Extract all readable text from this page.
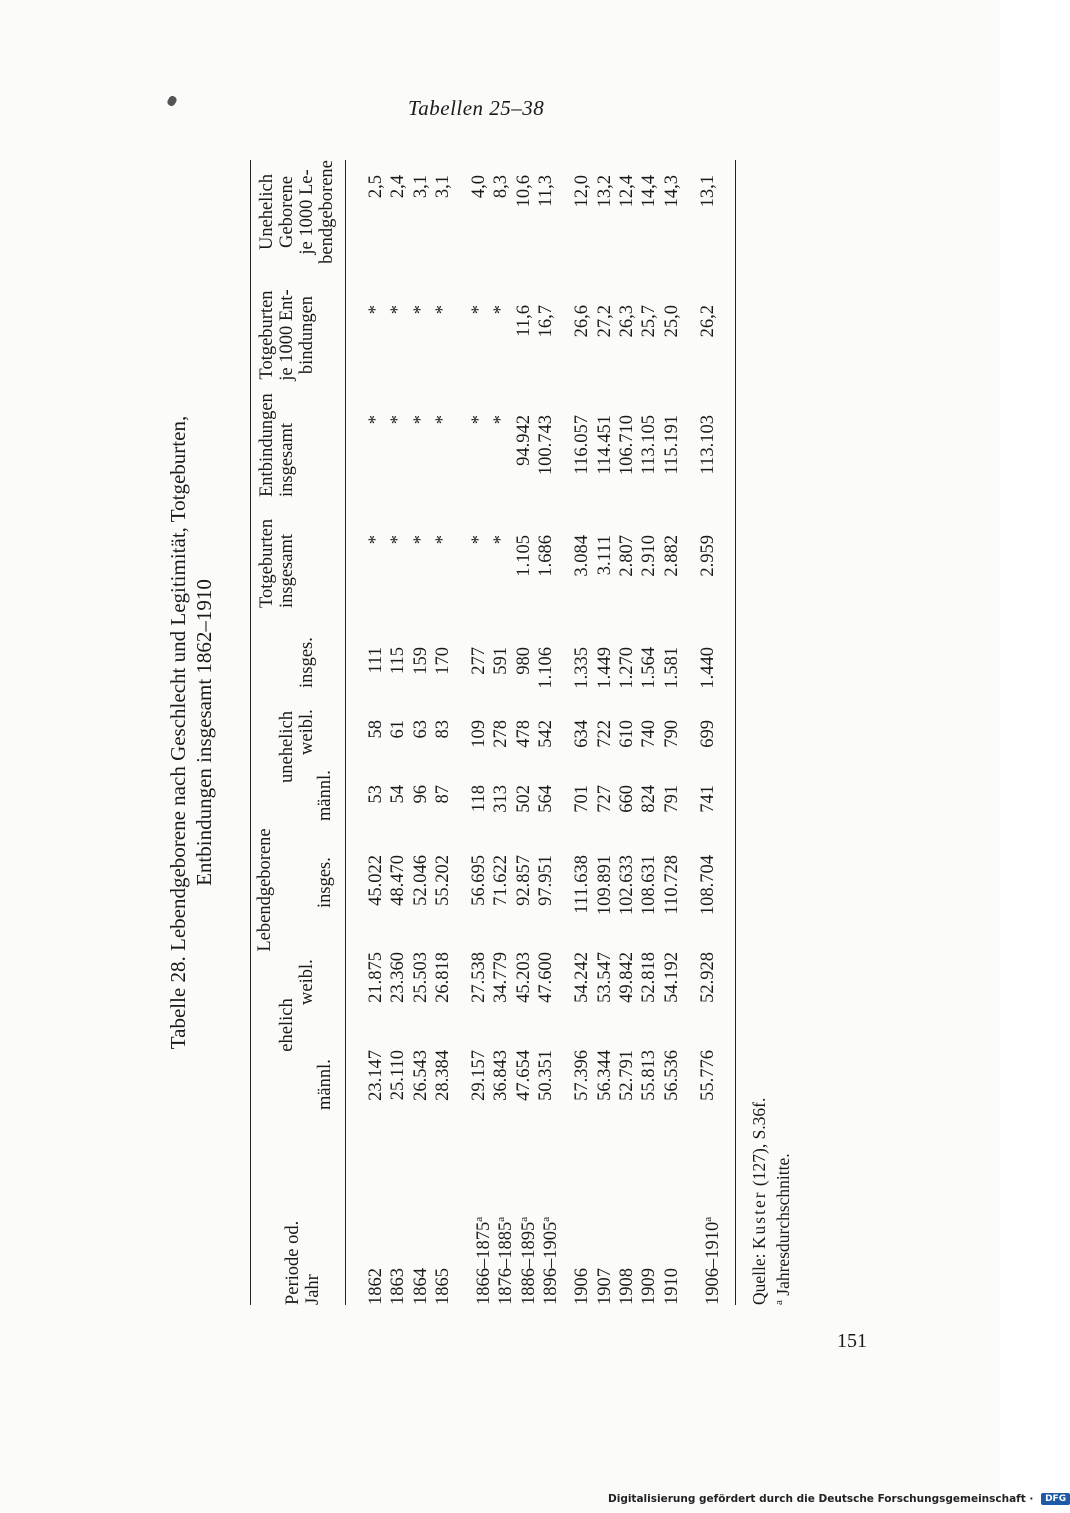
Tabellen 25–38
Tabelle 28. Lebendgeborene nach Geschlecht und Legitimität, Totgeburten, Entbindungen insgesamt 1862–1910
Periode od. Jahr
Lebendgeborene
ehelich
unehelich
männl.
weibl.
insges.
männl.
weibl.
insges.
Totgeburten insgesamt
Entbindungen insgesamt
Totgeburten je 1000 Ent- bindungen
Unehelich Geborene je 1000 Le- bendgeborene
1862 1863 1864 1865	1866–1875$^a$
1876–1885$^a$
1886–1895$^a$
1896–1905$^a$
1906 1907 1908 1909 1910	1906–1910$^a$
23.147 25.110 26.543 28.384 29.157 36.843 47.654 50.351 57.396 56.344 52.791 55.813 56.536 55.776
21.875 23.360 25.503 26.818 27.538 34.779 45.203 47.600 54.242 53.547 49.842 52.818 54.192 52.928
45.022 48.470 52.046 55.202 56.695 71.622 92.857 97.951 111.638 109.891 102.633 108.631 110.728 108.704
53 54 96 87 118 313 502 564 701 727 660 824 791 741
58 61 63 83 109 278 478 542 634 722 610 740 790 699
111 115 159 170 277 591 980 1.106 1.335 1.449 1.270 1.564 1.581 1.440
* * * * * * 1.105 1.686 3.084 3.111 2.807 2.910 2.882 2.959
* * * * * * 94.942 100.743 116.057 114.451 106.710 113.105 115.191 113.103
* * * * * * 11,6 16,7 26,6 27,2 26,3 25,7 25,0 26,2
2,5 2,4 3,1 3,1 4,0 8,3 10,6 11,3 12,0 13,2 12,4 14,4 14,3 13,1
Quelle: Kuster (127), S.36f.
$^a$ Jahresdurchschnitte.
151
Digitalisierung gefördert durch die Deutsche Forschungsgemeinschaft · DFG
